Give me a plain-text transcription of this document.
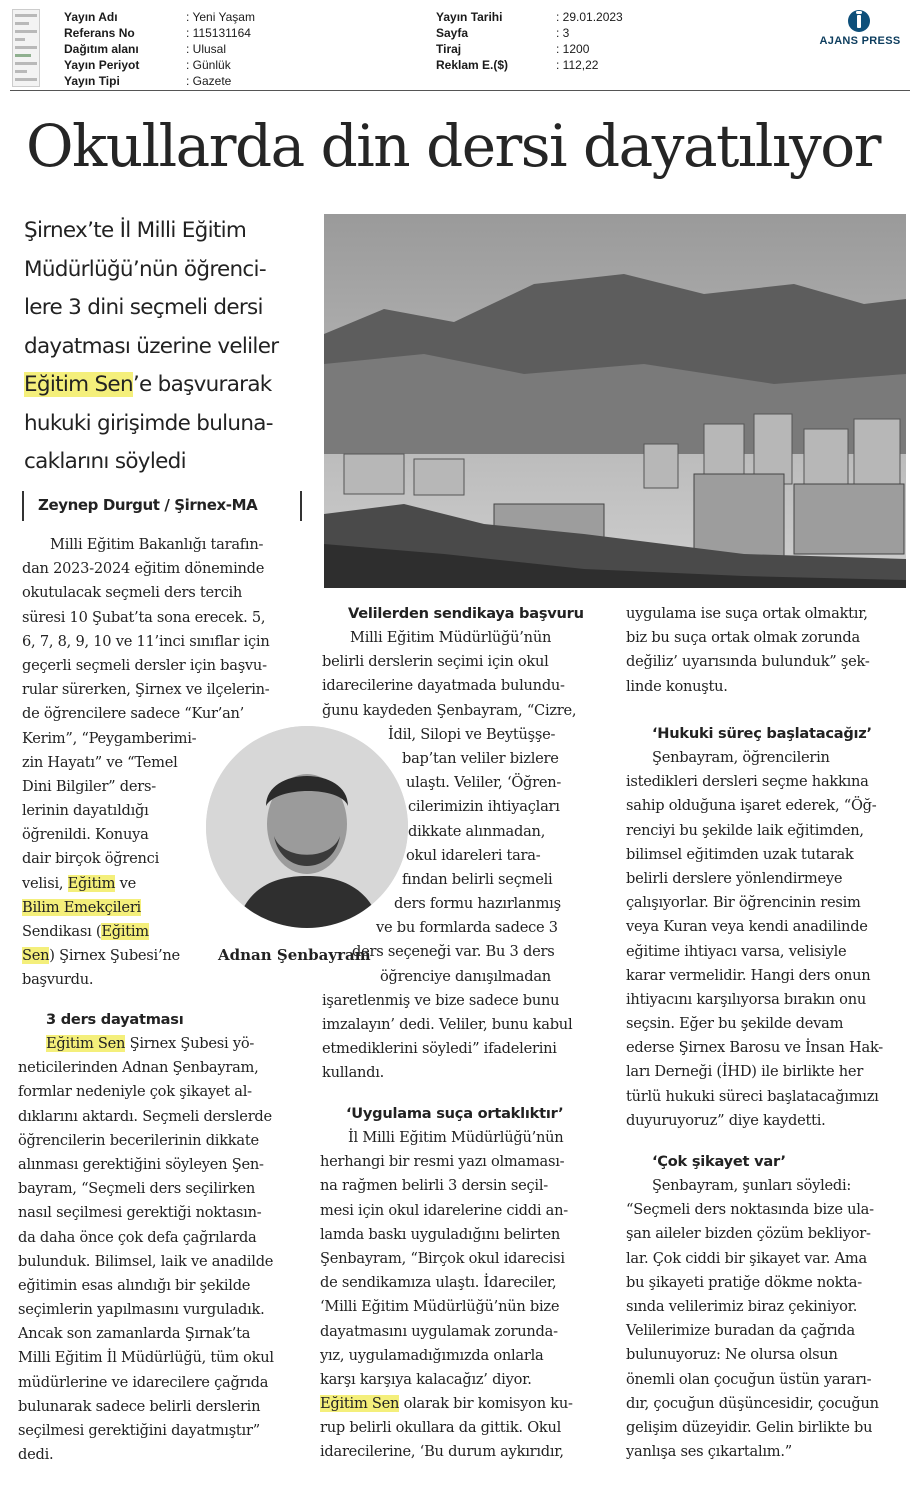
Yayın Adı	: Yeni Yaşam
Referans No	: 115131164
Dağıtım alanı	: Ulusal
Yayın Periyot	: Günlük
Yayın Tipi	: Gazete
Yayın Tarihi	: 29.01.2023
Sayfa	: 3
Tiraj	: 1200
Reklam E.($)	: 112,22
AJANS PRESS
Okullarda din dersi dayatılıyor
Şirnex’te İl Milli Eğitim
Müdürlüğü’nün öğrenci-
lere 3 dini seçmeli dersi
dayatması üzerine veliler
Eğitim Sen’e başvurarak
hukuki girişimde buluna-
caklarını söyledi
Zeynep Durgut / Şirnex-MA
Adnan Şenbayram
Milli Eğitim Bakanlığı tarafın-
dan 2023-2024 eğitim döneminde
okutulacak seçmeli ders tercih
süresi 10 Şubat’ta sona erecek. 5,
6, 7, 8, 9, 10 ve 11’inci sınıflar için
geçerli seçmeli dersler için başvu-
rular sürerken, Şirnex ve ilçelerin-
de öğrencilere sadece “Kur’an’
Kerim”, “Peygamberimi-
zin Hayatı” ve “Temel
Dini Bilgiler” ders-
lerinin dayatıldığı
öğrenildi. Konuya
dair birçok öğrenci
velisi, Eğitim ve
Bilim Emekçileri
Sendikası (Eğitim
Sen) Şirnex Şubesi’ne
başvurdu.
3 ders dayatması
Eğitim Sen Şirnex Şubesi yö-
neticilerinden Adnan Şenbayram,
formlar nedeniyle çok şikayet al-
dıklarını aktardı. Seçmeli derslerde
öğrencilerin becerilerinin dikkate
alınması gerektiğini söyleyen Şen-
bayram, “Seçmeli ders seçilirken
nasıl seçilmesi gerektiği noktasın-
da daha önce çok defa çağrılarda
bulunduk. Bilimsel, laik ve anadilde
eğitimin esas alındığı bir şekilde
seçimlerin yapılmasını vurguladık.
Ancak son zamanlarda Şırnak’ta
Milli Eğitim İl Müdürlüğü, tüm okul
müdürlerine ve idarecilere çağrıda
bulunarak sadece belirli derslerin
seçilmesi gerektiğini dayatmıştır”
dedi.
Velilerden sendikaya başvuru
Milli Eğitim Müdürlüğü’nün
belirli derslerin seçimi için okul
idarecilerine dayatmada bulundu-
ğunu kaydeden Şenbayram, “Cizre,
İdil, Silopi ve Beytüşşe-
bap’tan veliler bizlere
ulaştı. Veliler, ‘Öğren-
cilerimizin ihtiyaçları
dikkate alınmadan,
okul idareleri tara-
fından belirli seçmeli
ders formu hazırlanmış
ve bu formlarda sadece 3
ders seçeneği var. Bu 3 ders
öğrenciye danışılmadan
işaretlenmiş ve bize sadece bunu
imzalayın’ dedi. Veliler, bunu kabul
etmediklerini söyledi” ifadelerini
kullandı.
‘Uygulama suça ortaklıktır’
İl Milli Eğitim Müdürlüğü’nün
herhangi bir resmi yazı olmaması-
na rağmen belirli 3 dersin seçil-
mesi için okul idarelerine ciddi an-
lamda baskı uyguladığını belirten
Şenbayram, “Birçok okul idarecisi
de sendikamıza ulaştı. İdareciler,
‘Milli Eğitim Müdürlüğü’nün bize
dayatmasını uygulamak zorunda-
yız, uygulamadığımızda onlarla
karşı karşıya kalacağız’ diyor.
Eğitim Sen olarak bir komisyon ku-
rup belirli okullara da gittik. Okul
idarecilerine, ‘Bu durum aykırıdır,
uygulama ise suça ortak olmaktır,
biz bu suça ortak olmak zorunda
değiliz’ uyarısında bulunduk” şek-
linde konuştu.
‘Hukuki süreç başlatacağız’
Şenbayram, öğrencilerin
istedikleri dersleri seçme hakkına
sahip olduğuna işaret ederek, “Öğ-
renciyi bu şekilde laik eğitimden,
bilimsel eğitimden uzak tutarak
belirli derslere yönlendirmeye
çalışıyorlar. Bir öğrencinin resim
veya Kuran veya kendi anadilinde
eğitime ihtiyacı varsa, velisiyle
karar vermelidir. Hangi ders onun
ihtiyacını karşılıyorsa bırakın onu
seçsin. Eğer bu şekilde devam
ederse Şirnex Barosu ve İnsan Hak-
ları Derneği (İHD) ile birlikte her
türlü hukuki süreci başlatacağımızı
duyuruyoruz” diye kaydetti.
‘Çok şikayet var’
Şenbayram, şunları söyledi:
“Seçmeli ders noktasında bize ula-
şan aileler bizden çözüm bekliyor-
lar. Çok ciddi bir şikayet var. Ama
bu şikayeti pratiğe dökme nokta-
sında velilerimiz biraz çekiniyor.
Velilerimize buradan da çağrıda
bulunuyoruz: Ne olursa olsun
önemli olan çocuğun üstün yararı-
dır, çocuğun düşüncesidir, çocuğun
gelişim düzeyidir. Gelin birlikte bu
yanlışa ses çıkartalım.”
